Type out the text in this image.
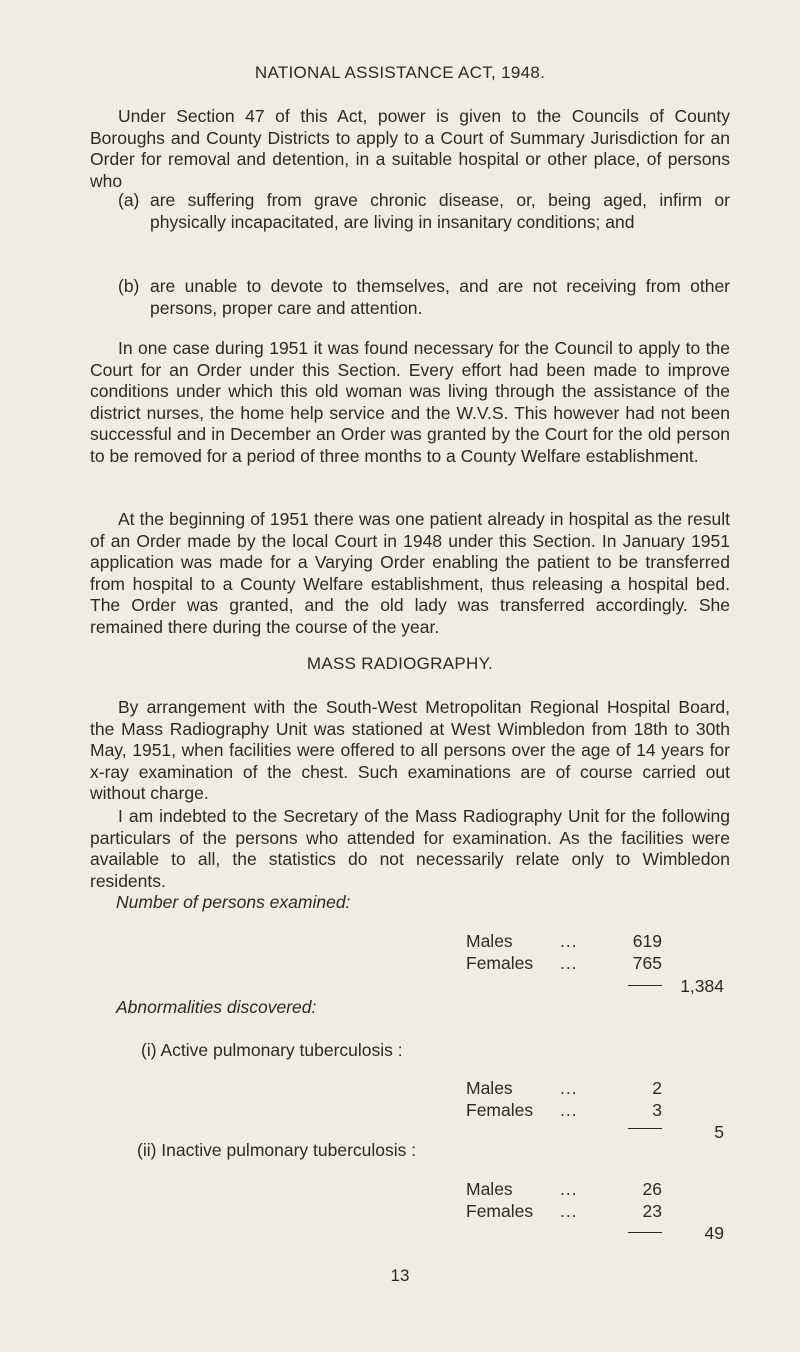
NATIONAL ASSISTANCE ACT, 1948.
Under Section 47 of this Act, power is given to the Councils of County Boroughs and County Districts to apply to a Court of Summary Jurisdiction for an Order for removal and detention, in a suitable hospital or other place, of persons who
(a) are suffering from grave chronic disease, or, being aged, infirm or physically incapacitated, are living in insanitary conditions; and
(b) are unable to devote to themselves, and are not receiving from other persons, proper care and attention.
In one case during 1951 it was found necessary for the Council to apply to the Court for an Order under this Section. Every effort had been made to improve conditions under which this old woman was living through the assistance of the district nurses, the home help service and the W.V.S. This however had not been successful and in December an Order was granted by the Court for the old person to be removed for a period of three months to a County Welfare establishment.
At the beginning of 1951 there was one patient already in hospital as the result of an Order made by the local Court in 1948 under this Section. In January 1951 application was made for a Varying Order enabling the patient to be transferred from hospital to a County Welfare establishment, thus releasing a hospital bed. The Order was granted, and the old lady was transferred accordingly. She remained there during the course of the year.
MASS RADIOGRAPHY.
By arrangement with the South-West Metropolitan Regional Hospital Board, the Mass Radiography Unit was stationed at West Wimbledon from 18th to 30th May, 1951, when facilities were offered to all persons over the age of 14 years for x-ray examination of the chest. Such examinations are of course carried out without charge.
I am indebted to the Secretary of the Mass Radiography Unit for the following particulars of the persons who attended for examination. As the facilities were available to all, the statistics do not necessarily relate only to Wimbledon residents.
Number of persons examined:
Males	...	619
Females ...	765
1,384
Abnormalities discovered:
(i) Active pulmonary tuberculosis :
Males	...	2
Females ...	3
5
(ii) Inactive pulmonary tuberculosis :
Males	...	26
Females ...	23
49
13
